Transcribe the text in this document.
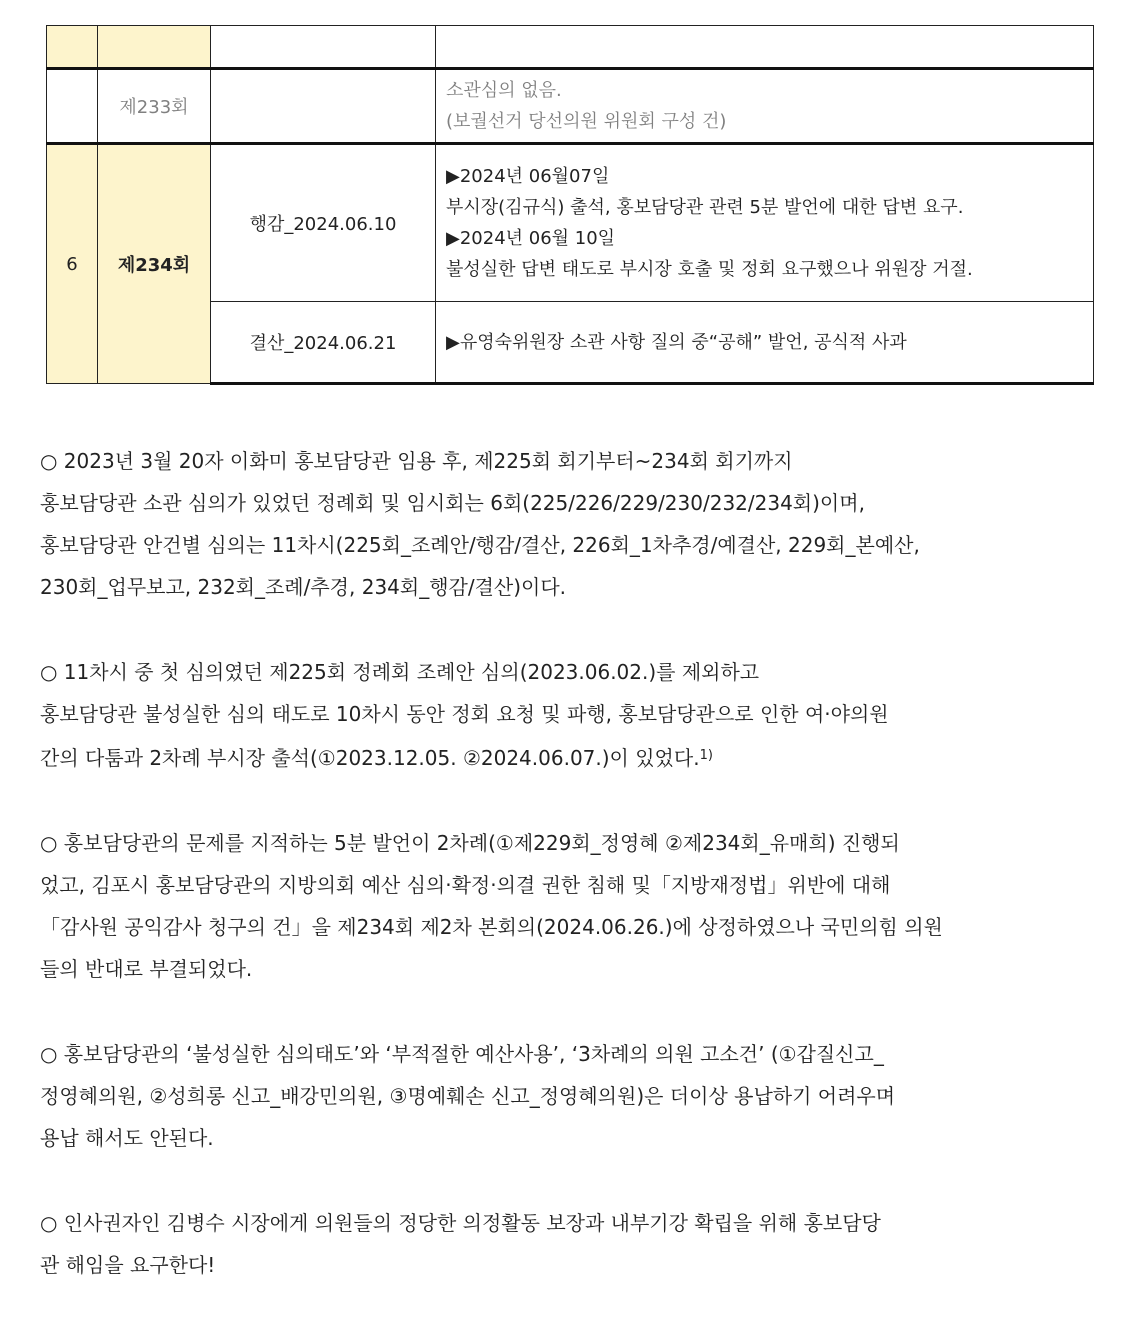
	제233회		소관심의 없음.
(보궐선거 당선의원 위원회 구성 건)

6	제234회	행감_2024.06.10	▶2024년 06월07일
부시장(김규식) 출석, 홍보담당관 관련 5분 발언에 대한 답변 요구.
▶2024년 06월 10일
불성실한 답변 태도로 부시장 호출 및 정회 요구했으나 위원장 거절.

		결산_2024.06.21	▶유영숙위원장 소관 사항 질의 중“공해” 발언, 공식적 사과

○ 2023년 3월 20자 이화미 홍보담당관 임용 후, 제225회 회기부터~234회 회기까지
홍보담당관 소관 심의가 있었던 정례회 및 임시회는 6회(225/226/229/230/232/234회)이며,
홍보담당관 안건별 심의는 11차시(225회_조례안/행감/결산, 226회_1차추경/예결산, 229회_본예산,
230회_업무보고, 232회_조례/추경, 234회_행감/결산)이다.

○ 11차시 중 첫 심의였던 제225회 정례회 조례안 심의(2023.06.02.)를 제외하고
홍보담당관 불성실한 심의 태도로 10차시 동안 정회 요청 및 파행, 홍보담당관으로 인한 여·야의원
간의 다툼과 2차례 부시장 출석(①2023.12.05. ②2024.06.07.)이 있었다.$^{1)}$

○ 홍보담당관의 문제를 지적하는 5분 발언이 2차례(①제229회_정영혜 ②제234회_유매희) 진행되
었고, 김포시 홍보담당관의 지방의회 예산 심의·확정·의결 권한 침해 및「지방재정법」위반에 대해
「감사원 공익감사 청구의 건」을 제234회 제2차 본회의(2024.06.26.)에 상정하였으나 국민의힘 의원
들의 반대로 부결되었다.

○ 홍보담당관의 ‘불성실한 심의태도’와 ‘부적절한 예산사용’, ‘3차례의 의원 고소건’ (①갑질신고_
정영혜의원, ②성희롱 신고_배강민의원, ③명예훼손 신고_정영혜의원)은 더이상 용납하기 어려우며
용납 해서도 안된다.

○ 인사권자인 김병수 시장에게 의원들의 정당한 의정활동 보장과 내부기강 확립을 위해 홍보담당
관 해임을 요구한다!
